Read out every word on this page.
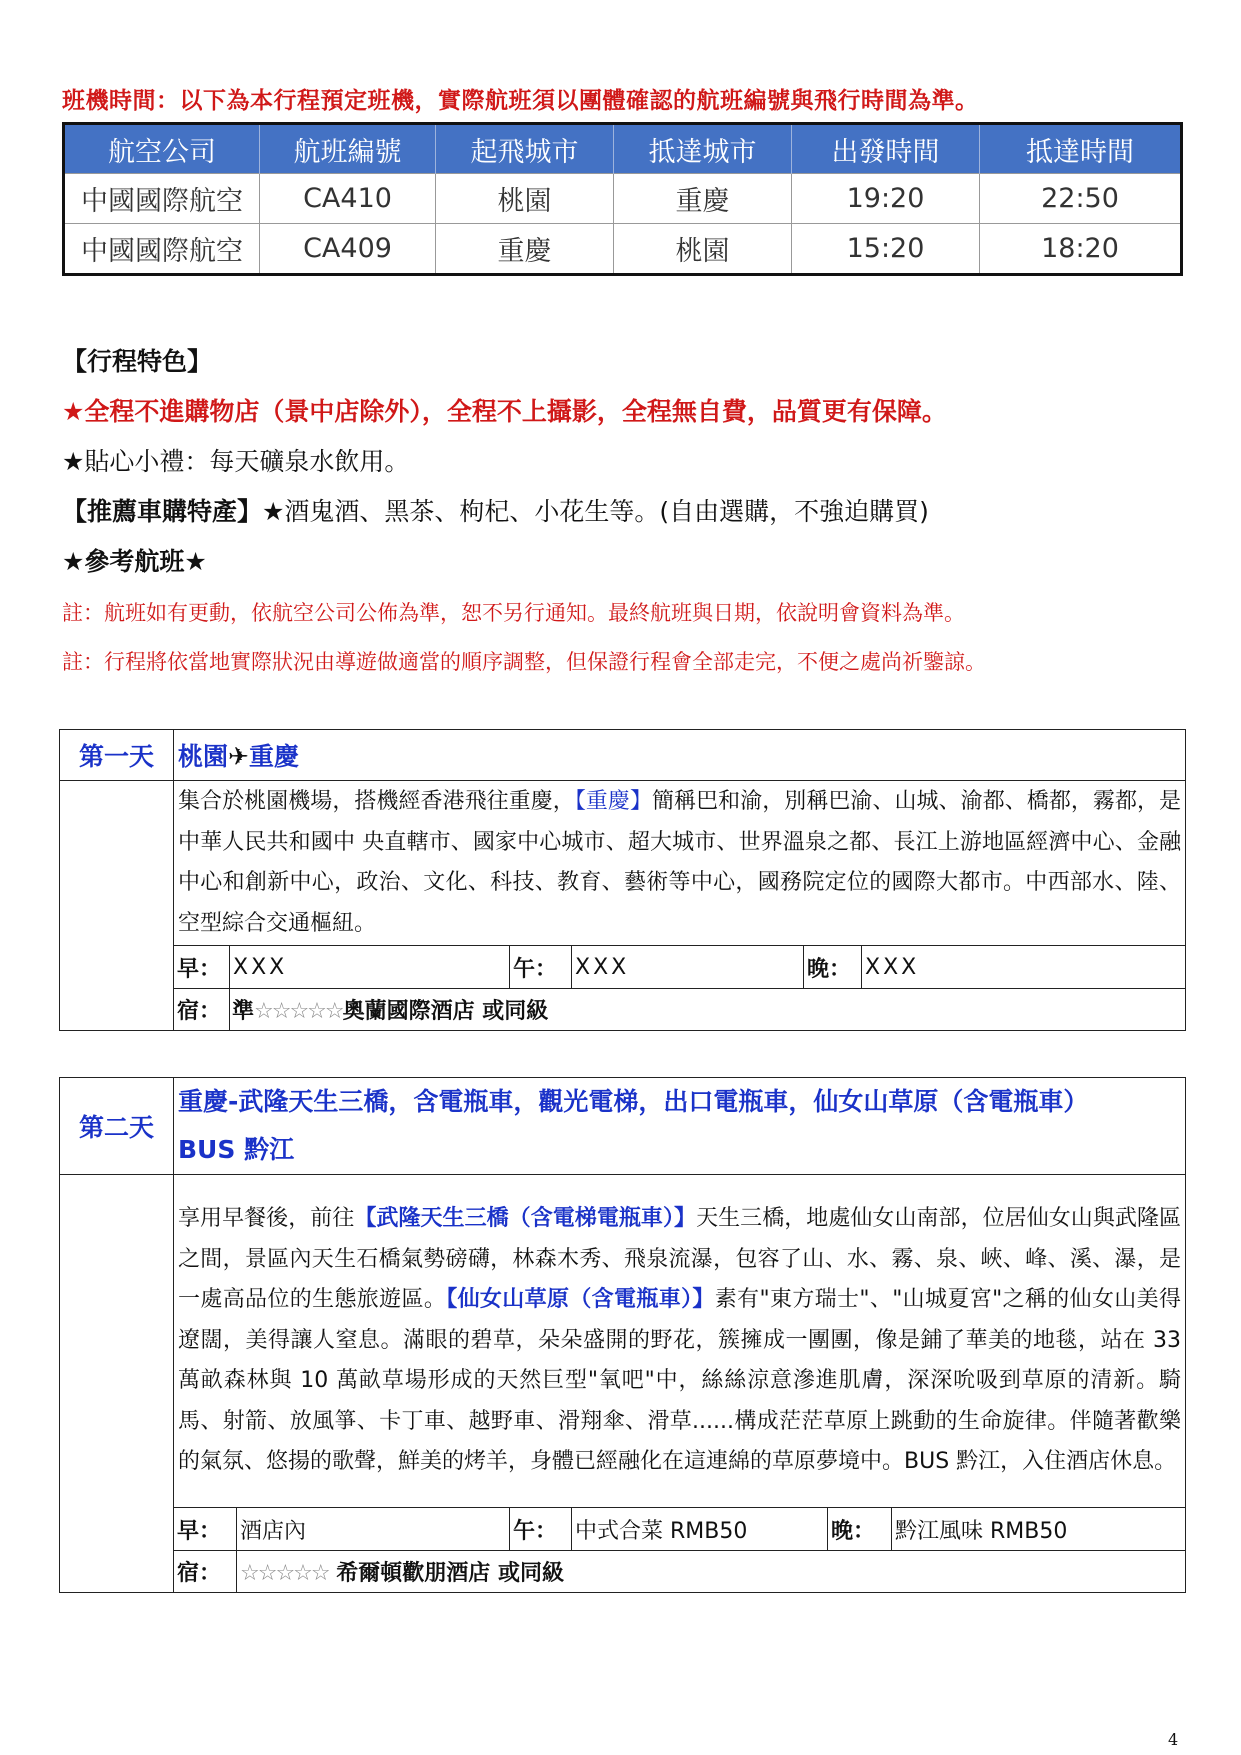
班機時間：以下為本行程預定班機，實際航班須以團體確認的航班編號與飛行時間為準。
航空公司	航班編號	起飛城市	抵達城市	出發時間	抵達時間
中國國際航空	CA410	桃園	重慶	19:20	22:50
中國國際航空	CA409	重慶	桃園	15:20	18:20
【行程特色】
★全程不進購物店（景中店除外），全程不上攝影，全程無自費，品質更有保障。
★貼心小禮：每天礦泉水飲用。
【推薦車購特產】★酒鬼酒、黑茶、枸杞、小花生等。(自由選購，不強迫購買)
★參考航班★
註：航班如有更動，依航空公司公佈為準，恕不另行通知。最終航班與日期，依說明會資料為準。
註：行程將依當地實際狀況由導遊做適當的順序調整，但保證行程會全部走完，不便之處尚祈鑒諒。
第一天	桃園✈重慶					
	集合於桃園機場，搭機經香港飛往重慶，【重慶】簡稱巴和渝，別稱巴渝、山城、渝都、橋都，霧都，是中華人民共和國中 央直轄市、國家中心城市、超大城市、世界溫泉之都、長江上游地區經濟中心、金融中心和創新中心，政治、文化、科技、教育、藝術等中心，國務院定位的國際大都市。中西部水、陸、空型綜合交通樞紐。					
	早：	XXX	午：	XXX	晚：	XXX
	宿：	準☆☆☆☆☆奧蘭國際酒店 或同級				
第二天	重慶-武隆天生三橋，含電瓶車，觀光電梯，出口電瓶車，仙女山草原（含電瓶車）BUS 黔江					
	享用早餐後，前往【武隆天生三橋（含電梯電瓶車）】天生三橋，地處仙女山南部，位居仙女山與武隆區之間，景區內天生石橋氣勢磅礴，林森木秀、飛泉流瀑，包容了山、水、霧、泉、峽、峰、溪、瀑，是一處高品位的生態旅遊區。【仙女山草原（含電瓶車）】素有"東方瑞士"、"山城夏宮"之稱的仙女山美得遼闊，美得讓人窒息。滿眼的碧草，朵朵盛開的野花，簇擁成一團團，像是鋪了華美的地毯，站在 33 萬畝森林與 10 萬畝草場形成的天然巨型"氧吧"中，絲絲涼意滲進肌膚，深深吮吸到草原的清新。騎馬、射箭、放風箏、卡丁車、越野車、滑翔傘、滑草......構成茫茫草原上跳動的生命旋律。伴隨著歡樂的氣氛、悠揚的歌聲，鮮美的烤羊，身體已經融化在這連綿的草原夢境中。BUS 黔江，入住酒店休息。					
	早：	酒店內	午：	中式合菜 RMB50	晚：	黔江風味 RMB50
	宿：	☆☆☆☆☆ 希爾頓歡朋酒店 或同級				
4
